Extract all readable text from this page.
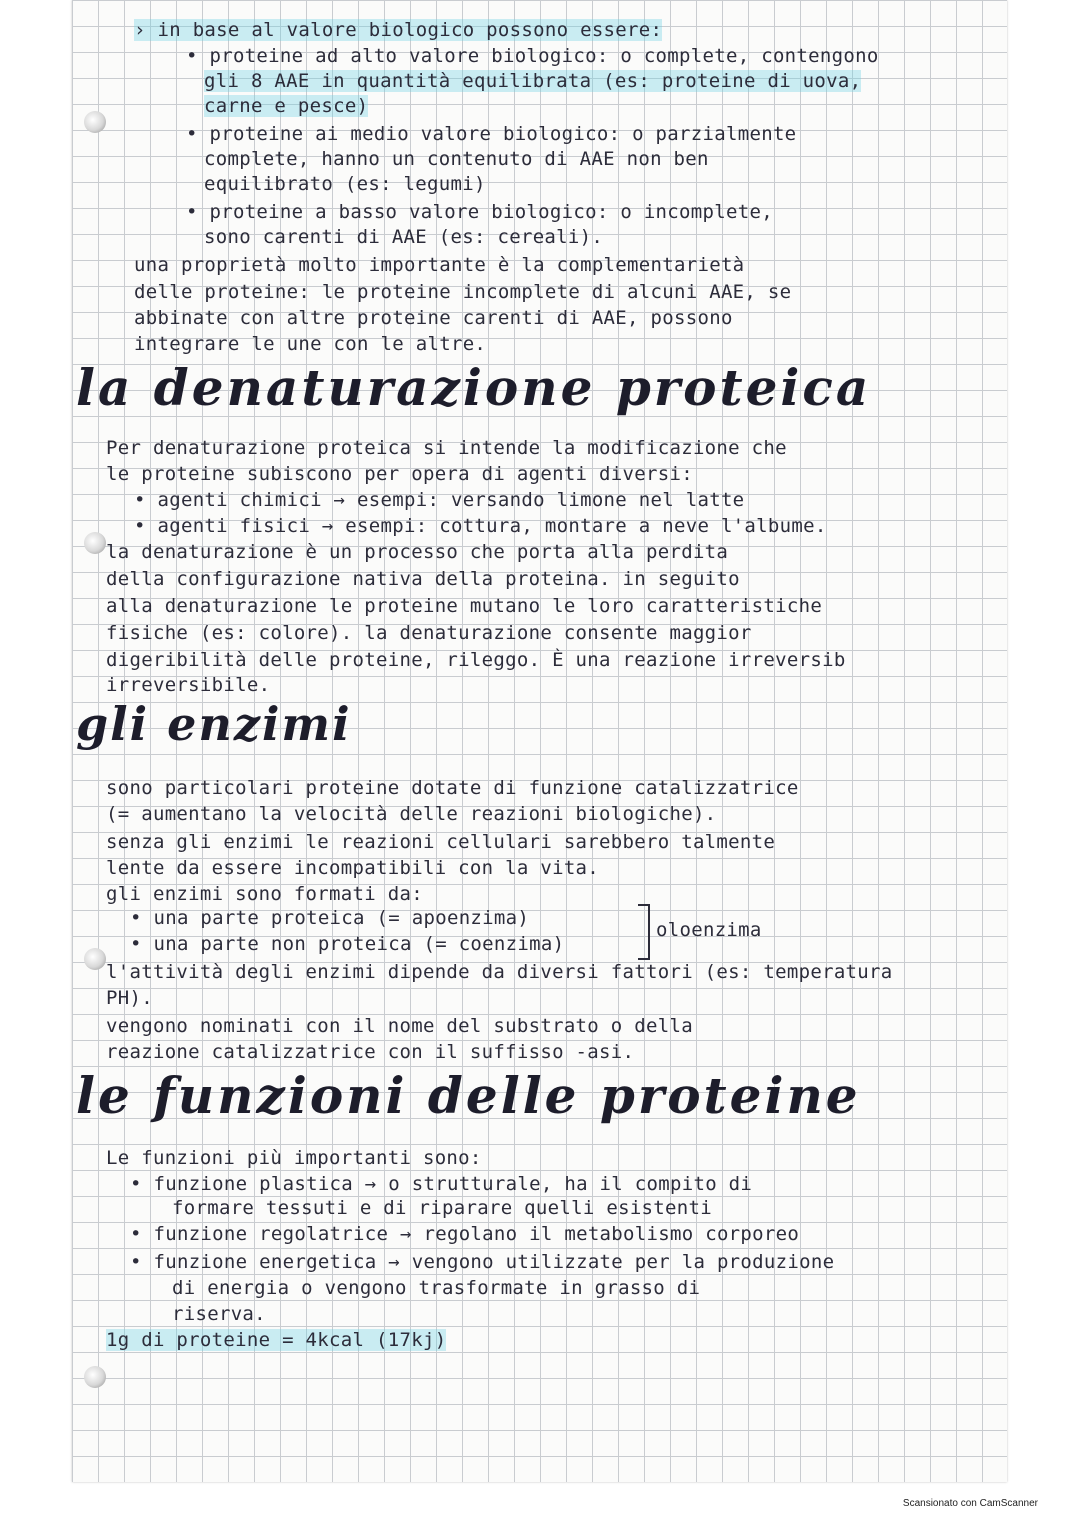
› in base al valore biologico possono essere:

• proteine ad alto valore biologico: o complete, contengono

gli 8 AAE in quantità equilibrata (es: proteine di uova,

carne e pesce)

• proteine ai medio valore biologico: o parzialmente

complete, hanno un contenuto di AAE non ben

equilibrato (es: legumi)

• proteine a basso valore biologico: o incomplete,

sono carenti di AAE (es: cereali).

una proprietà molto importante è la complementarietà

delle proteine: le proteine incomplete di alcuni AAE, se

abbinate con altre proteine carenti di AAE, possono

integrare le une con le altre.

la denaturazione proteica

Per denaturazione proteica si intende la modificazione che

le proteine subiscono per opera di agenti diversi:

• agenti chimici → esempi: versando limone nel latte

• agenti fisici → esempi: cottura, montare a neve l'albume.

la denaturazione è un processo che porta alla perdita

della configurazione nativa della proteina. in seguito

alla denaturazione le proteine mutano le loro caratteristiche

fisiche (es: colore). la denaturazione consente maggior

digeribilità delle proteine, rileggo. È una reazione irreversib

irreversibile.

gli enzimi

sono particolari proteine dotate di funzione catalizzatrice

(= aumentano la velocità delle reazioni biologiche).

senza gli enzimi le reazioni cellulari sarebbero talmente

lente da essere incompatibili con la vita.

gli enzimi sono formati da:

• una parte proteica (= apoenzima)

• una parte non proteica (= coenzima)

oloenzima

l'attività degli enzimi dipende da diversi fattori (es: temperatura

PH).

vengono nominati con il nome del substrato o della

reazione catalizzatrice con il suffisso -asi.

le funzioni delle proteine

Le funzioni più importanti sono:

• funzione plastica → o strutturale, ha il compito di

formare tessuti e di riparare quelli esistenti

• funzione regolatrice → regolano il metabolismo corporeo

• funzione energetica → vengono utilizzate per la produzione

di energia o vengono trasformate in grasso di

riserva.

1g di proteine = 4kcal (17kj)

Scansionato con CamScanner
